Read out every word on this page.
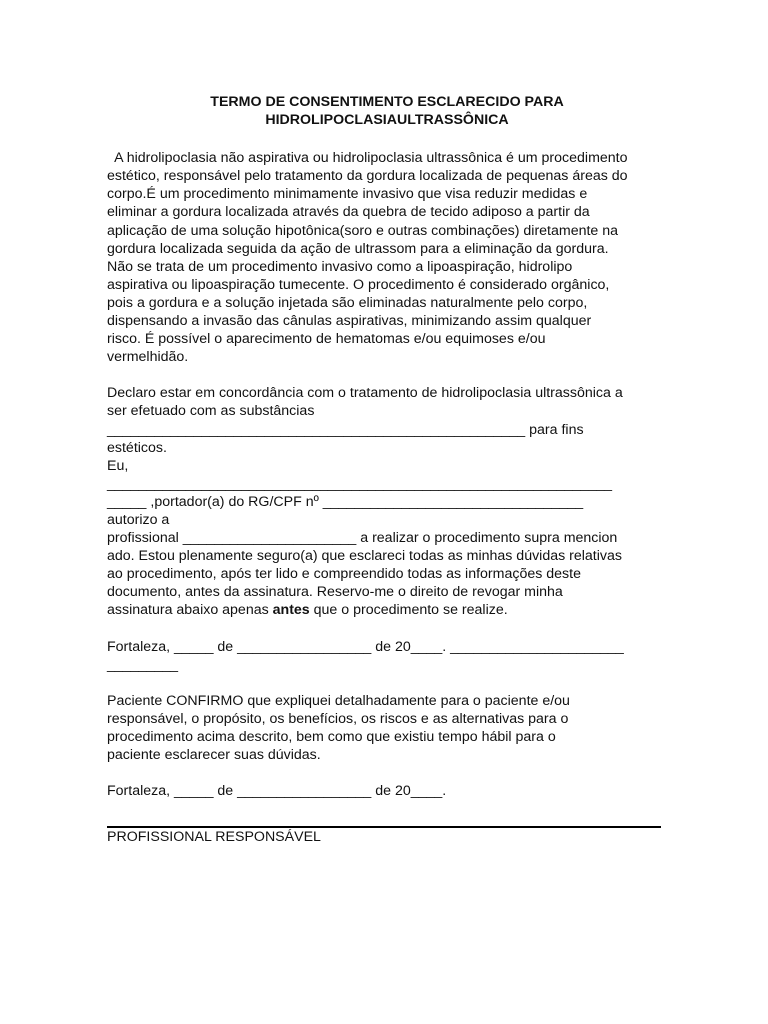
TERMO DE CONSENTIMENTO ESCLARECIDO PARA
HIDROLIPOCLASIAULTRASSÔNICA
A hidrolipoclasia não aspirativa ou hidrolipoclasia ultrassônica é um procedimento
estético, responsável pelo tratamento da gordura localizada de pequenas áreas do
corpo.É um procedimento minimamente invasivo que visa reduzir medidas e
eliminar a gordura localizada através da quebra de tecido adiposo a partir da
aplicação de uma solução hipotônica(soro e outras combinações) diretamente na
gordura localizada seguida da ação de ultrassom para a eliminação da gordura.
Não se trata de um procedimento invasivo como a lipoaspiração, hidrolipo
aspirativa ou lipoaspiração tumecente. O procedimento é considerado orgânico,
pois a gordura e a solução injetada são eliminadas naturalmente pelo corpo,
dispensando a invasão das cânulas aspirativas, minimizando assim qualquer
risco. É possível o aparecimento de hematomas e/ou equimoses e/ou
vermelhidão.
Declaro estar em concordância com o tratamento de hidrolipoclasia ultrassônica a
ser efetuado com as substâncias
_____________________________________________________ para fins
estéticos.
Eu,
________________________________________________________________
_____ ,portador(a) do RG/CPF nº _________________________________
autorizo a
profissional ______________________ a realizar o procedimento supra mencion
ado. Estou plenamente seguro(a) que esclareci todas as minhas dúvidas relativas
ao procedimento, após ter lido e compreendido todas as informações deste
documento, antes da assinatura. Reservo-me o direito de revogar minha
assinatura abaixo apenas antes que o procedimento se realize.
Fortaleza, _____ de _________________ de 20____. ______________________
_________
Paciente CONFIRMO que expliquei detalhadamente para o paciente e/ou
responsável, o propósito, os benefícios, os riscos e as alternativas para o
procedimento acima descrito, bem como que existiu tempo hábil para o
paciente esclarecer suas dúvidas.
Fortaleza, _____ de _________________ de 20____.
PROFISSIONAL RESPONSÁVEL
